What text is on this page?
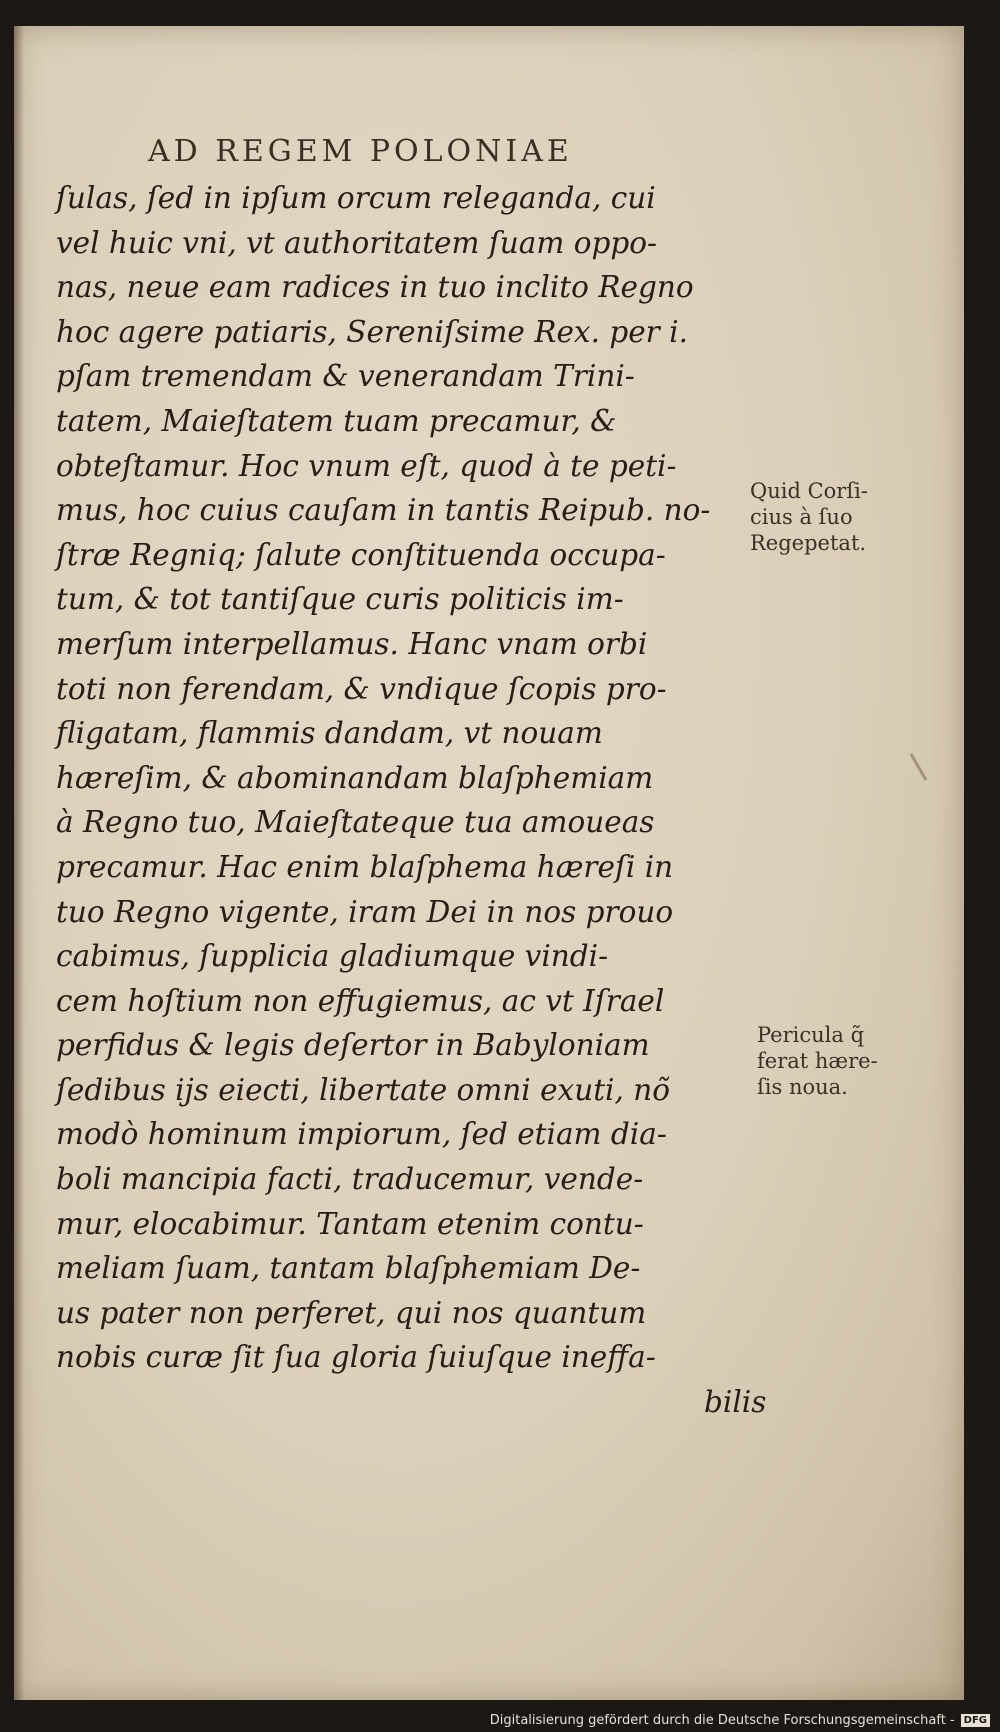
AD REGEM POLONIAE
ſulas, ſed in ipſum orcum releganda, cui
vel huic vni, vt authoritatem ſuam oppo-
nas, neue eam radices in tuo inclito Regno
hoc agere patiaris, Sereniſsime Rex. per i.
pſam tremendam & venerandam Trini-
tatem, Maieſtatem tuam precamur, &
obteſtamur. Hoc vnum eſt, quod à te peti-
mus, hoc cuius cauſam in tantis Reipub. no-
ſtræ Regniq; ſalute conſtituenda occupa-
tum, & tot tantiſque curis politicis im-
merſum interpellamus. Hanc vnam orbi
toti non ferendam, & vndique ſcopis pro-
fligatam, flammis dandam, vt nouam
hæreſim, & abominandam blaſphemiam
à Regno tuo, Maieſtateque tua amoueas
precamur. Hac enim blaſphema hæreſi in
tuo Regno vigente, iram Dei in nos prouo
cabimus, ſupplicia gladiumque vindi-
cem hoſtium non effugiemus, ac vt Iſrael
perfidus & legis deſertor in Babyloniam
ſedibus ijs eiecti, libertate omni exuti, nõ
modò hominum impiorum, ſed etiam dia-
boli mancipia facti, traducemur, vende-
mur, elocabimur. Tantam etenim contu-
meliam ſuam, tantam blaſphemiam De-
us pater non perferet, qui nos quantum
nobis curæ ſit ſua gloria ſuiuſque ineffa-
bilis
Quid Corſi-
cius à ſuo
Regepetat.
Pericula q̃
ferat hære-
ſis noua.
Digitalisierung gefördert durch die Deutsche Forschungsgemeinschaft - DFG
